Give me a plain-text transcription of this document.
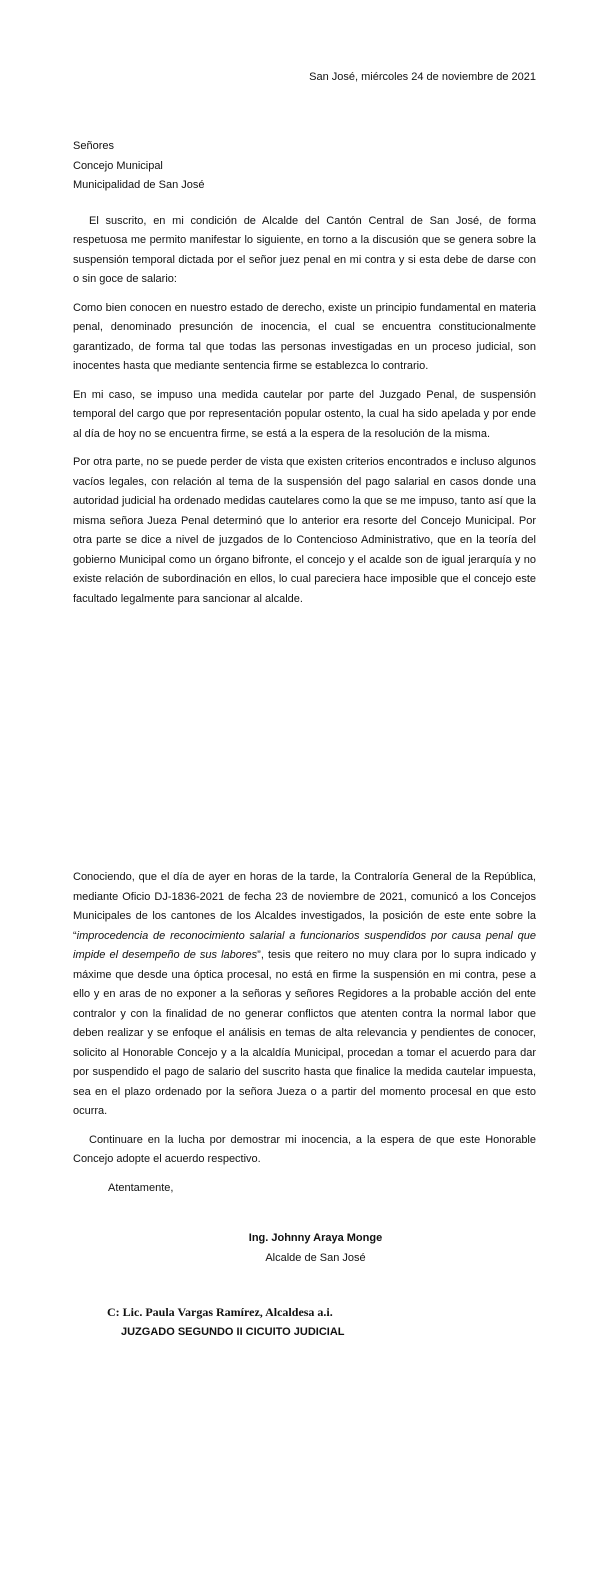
San José, miércoles 24 de noviembre de 2021

Señores
Concejo Municipal
Municipalidad de San José

El suscrito, en mi condición de Alcalde del Cantón Central de San José, de forma respetuosa me permito manifestar lo siguiente, en torno a la discusión que se genera sobre la suspensión temporal dictada por el señor juez penal en mi contra y si esta debe de darse con o sin goce de salario:

Como bien conocen en nuestro estado de derecho, existe un principio fundamental en materia penal, denominado presunción de inocencia, el cual se encuentra constitucionalmente garantizado, de forma tal que todas las personas investigadas en un proceso judicial, son inocentes hasta que mediante sentencia firme se establezca lo contrario.

En mi caso, se impuso una medida cautelar por parte del Juzgado Penal, de suspensión temporal del cargo que por representación popular ostento, la cual ha sido apelada y por ende al día de hoy no se encuentra firme, se está a la espera de la resolución de la misma.

Por otra parte, no se puede perder de vista que existen criterios encontrados e incluso algunos vacíos legales, con relación al tema de la suspensión del pago salarial en casos donde una autoridad judicial ha ordenado medidas cautelares como la que se me impuso, tanto así que la misma señora Jueza Penal determinó que lo anterior era resorte del Concejo Municipal. Por otra parte se dice a nivel de juzgados de lo Contencioso Administrativo, que en la teoría del gobierno Municipal como un órgano bifronte, el concejo y el acalde son de igual jerarquía y no existe relación de subordinación en ellos, lo cual pareciera hace imposible que el concejo este facultado legalmente para sancionar al alcalde.

Conociendo, que el día de ayer en horas de la tarde, la Contraloría General de la República, mediante Oficio DJ-1836-2021 de fecha 23 de noviembre de 2021, comunicó a los Concejos Municipales de los cantones de los Alcaldes investigados, la posición de este ente sobre la “improcedencia de reconocimiento salarial a funcionarios suspendidos por causa penal que impide el desempeño de sus labores”, tesis que reitero no muy clara por lo supra indicado y máxime que desde una óptica procesal, no está en firme la suspensión en mi contra, pese a ello y en aras de no exponer a la señoras y señores Regidores a la probable acción del ente contralor y con la finalidad de no generar conflictos que atenten contra la normal labor que deben realizar y se enfoque el análisis en temas de alta relevancia y pendientes de conocer, solicito al Honorable Concejo y a la alcaldía Municipal, procedan a tomar el acuerdo para dar por suspendido el pago de salario del suscrito hasta que finalice la medida cautelar impuesta, sea en el plazo ordenado por la señora Jueza o a partir del momento procesal en que esto ocurra.

Continuare en la lucha por demostrar mi inocencia, a la espera de que este Honorable Concejo adopte el acuerdo respectivo.

Atentamente,
Ing. Johnny Araya Monge
Alcalde de San José
C: Lic. Paula Vargas Ramírez, Alcaldesa a.i.
JUZGADO SEGUNDO II CICUITO JUDICIAL
